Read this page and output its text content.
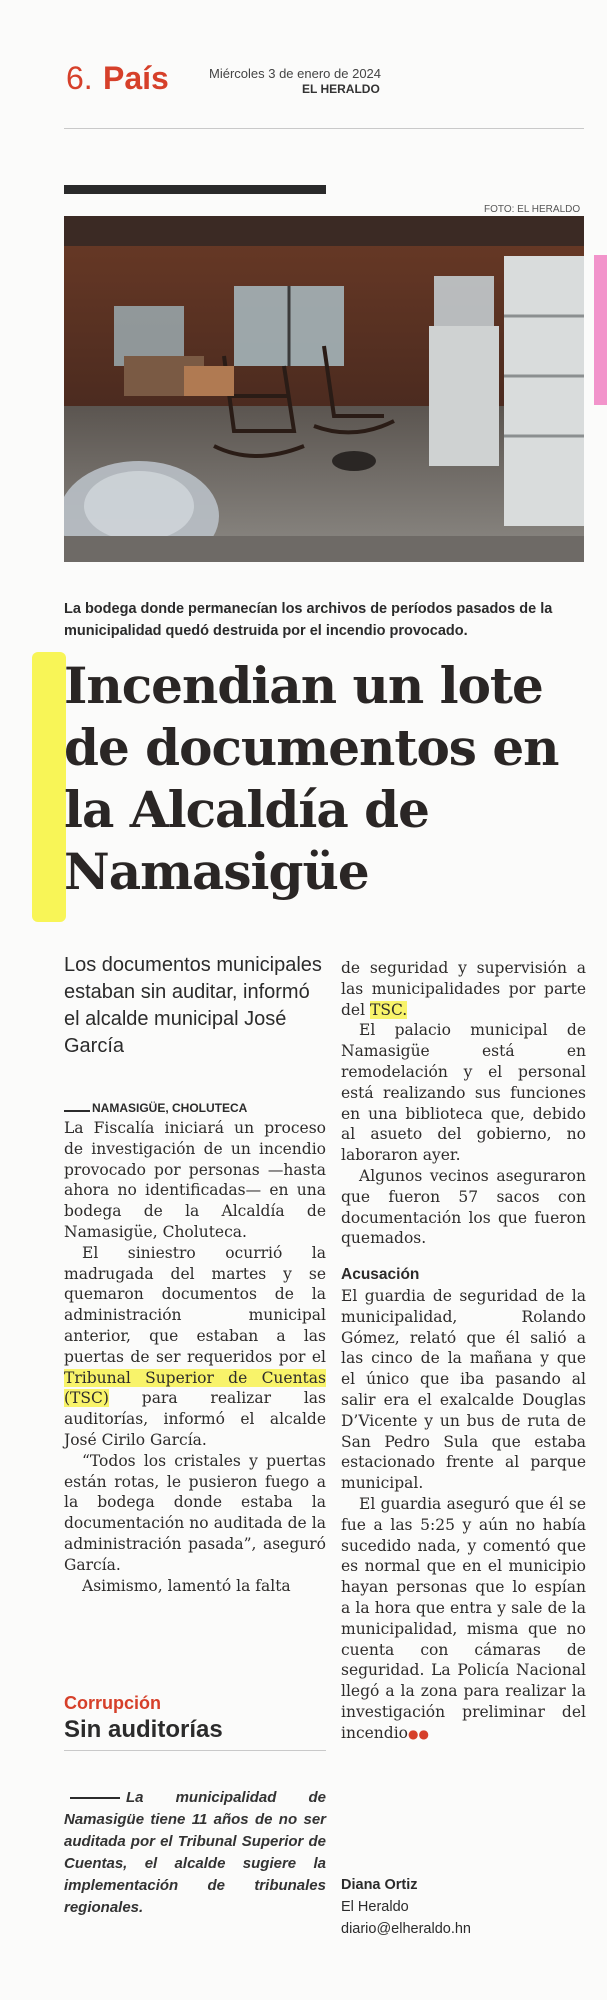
6. País	Miércoles 3 de enero de 2024
EL HERALDO
FOTO: EL HERALDO
La bodega donde permanecían los archivos de períodos pasados de la municipalidad quedó destruida por el incendio provocado.
Incendian un lote de documentos en la Alcaldía de Namasigüe
Los documentos municipales estaban sin auditar, informó el alcalde municipal José García
NAMASIGÜE, CHOLUTECA

La Fiscalía iniciará un proceso de investigación de un incendio provocado por personas —hasta ahora no identificadas— en una bodega de la Alcaldía de Namasigüe, Choluteca.

El siniestro ocurrió la madrugada del martes y se quemaron documentos de la administración municipal anterior, que estaban a las puertas de ser requeridos por el Tribunal Superior de Cuentas (TSC) para realizar las auditorías, informó el alcalde José Cirilo García.

“Todos los cristales y puertas están rotas, le pusieron fuego a la bodega donde estaba la documentación no auditada de la administración pasada”, aseguró García.

Asimismo, lamentó la falta

Corrupción
Sin auditorías
La municipalidad de Namasigüe tiene 11 años de no ser auditada por el Tribunal Superior de Cuentas, el alcalde sugiere la implementación de tribunales regionales.

de seguridad y supervisión a las municipalidades por parte del TSC.

El palacio municipal de Namasigüe está en remodelación y el personal está realizando sus funciones en una biblioteca que, debido al asueto del gobierno, no laboraron ayer.

Algunos vecinos aseguraron que fueron 57 sacos con documentación los que fueron quemados.

Acusación

El guardia de seguridad de la municipalidad, Rolando Gómez, relató que él salió a las cinco de la mañana y que el único que iba pasando al salir era el exalcalde Douglas D’Vicente y un bus de ruta de San Pedro Sula que estaba estacionado frente al parque municipal.

El guardia aseguró que él se fue a las 5:25 y aún no había sucedido nada, y comentó que es normal que en el municipio hayan personas que lo espían a la hora que entra y sale de la municipalidad, misma que no cuenta con cámaras de seguridad. La Policía Nacional llegó a la zona para realizar la investigación preliminar del incendio●●

Diana Ortiz
El Heraldo
diario@elheraldo.hn
